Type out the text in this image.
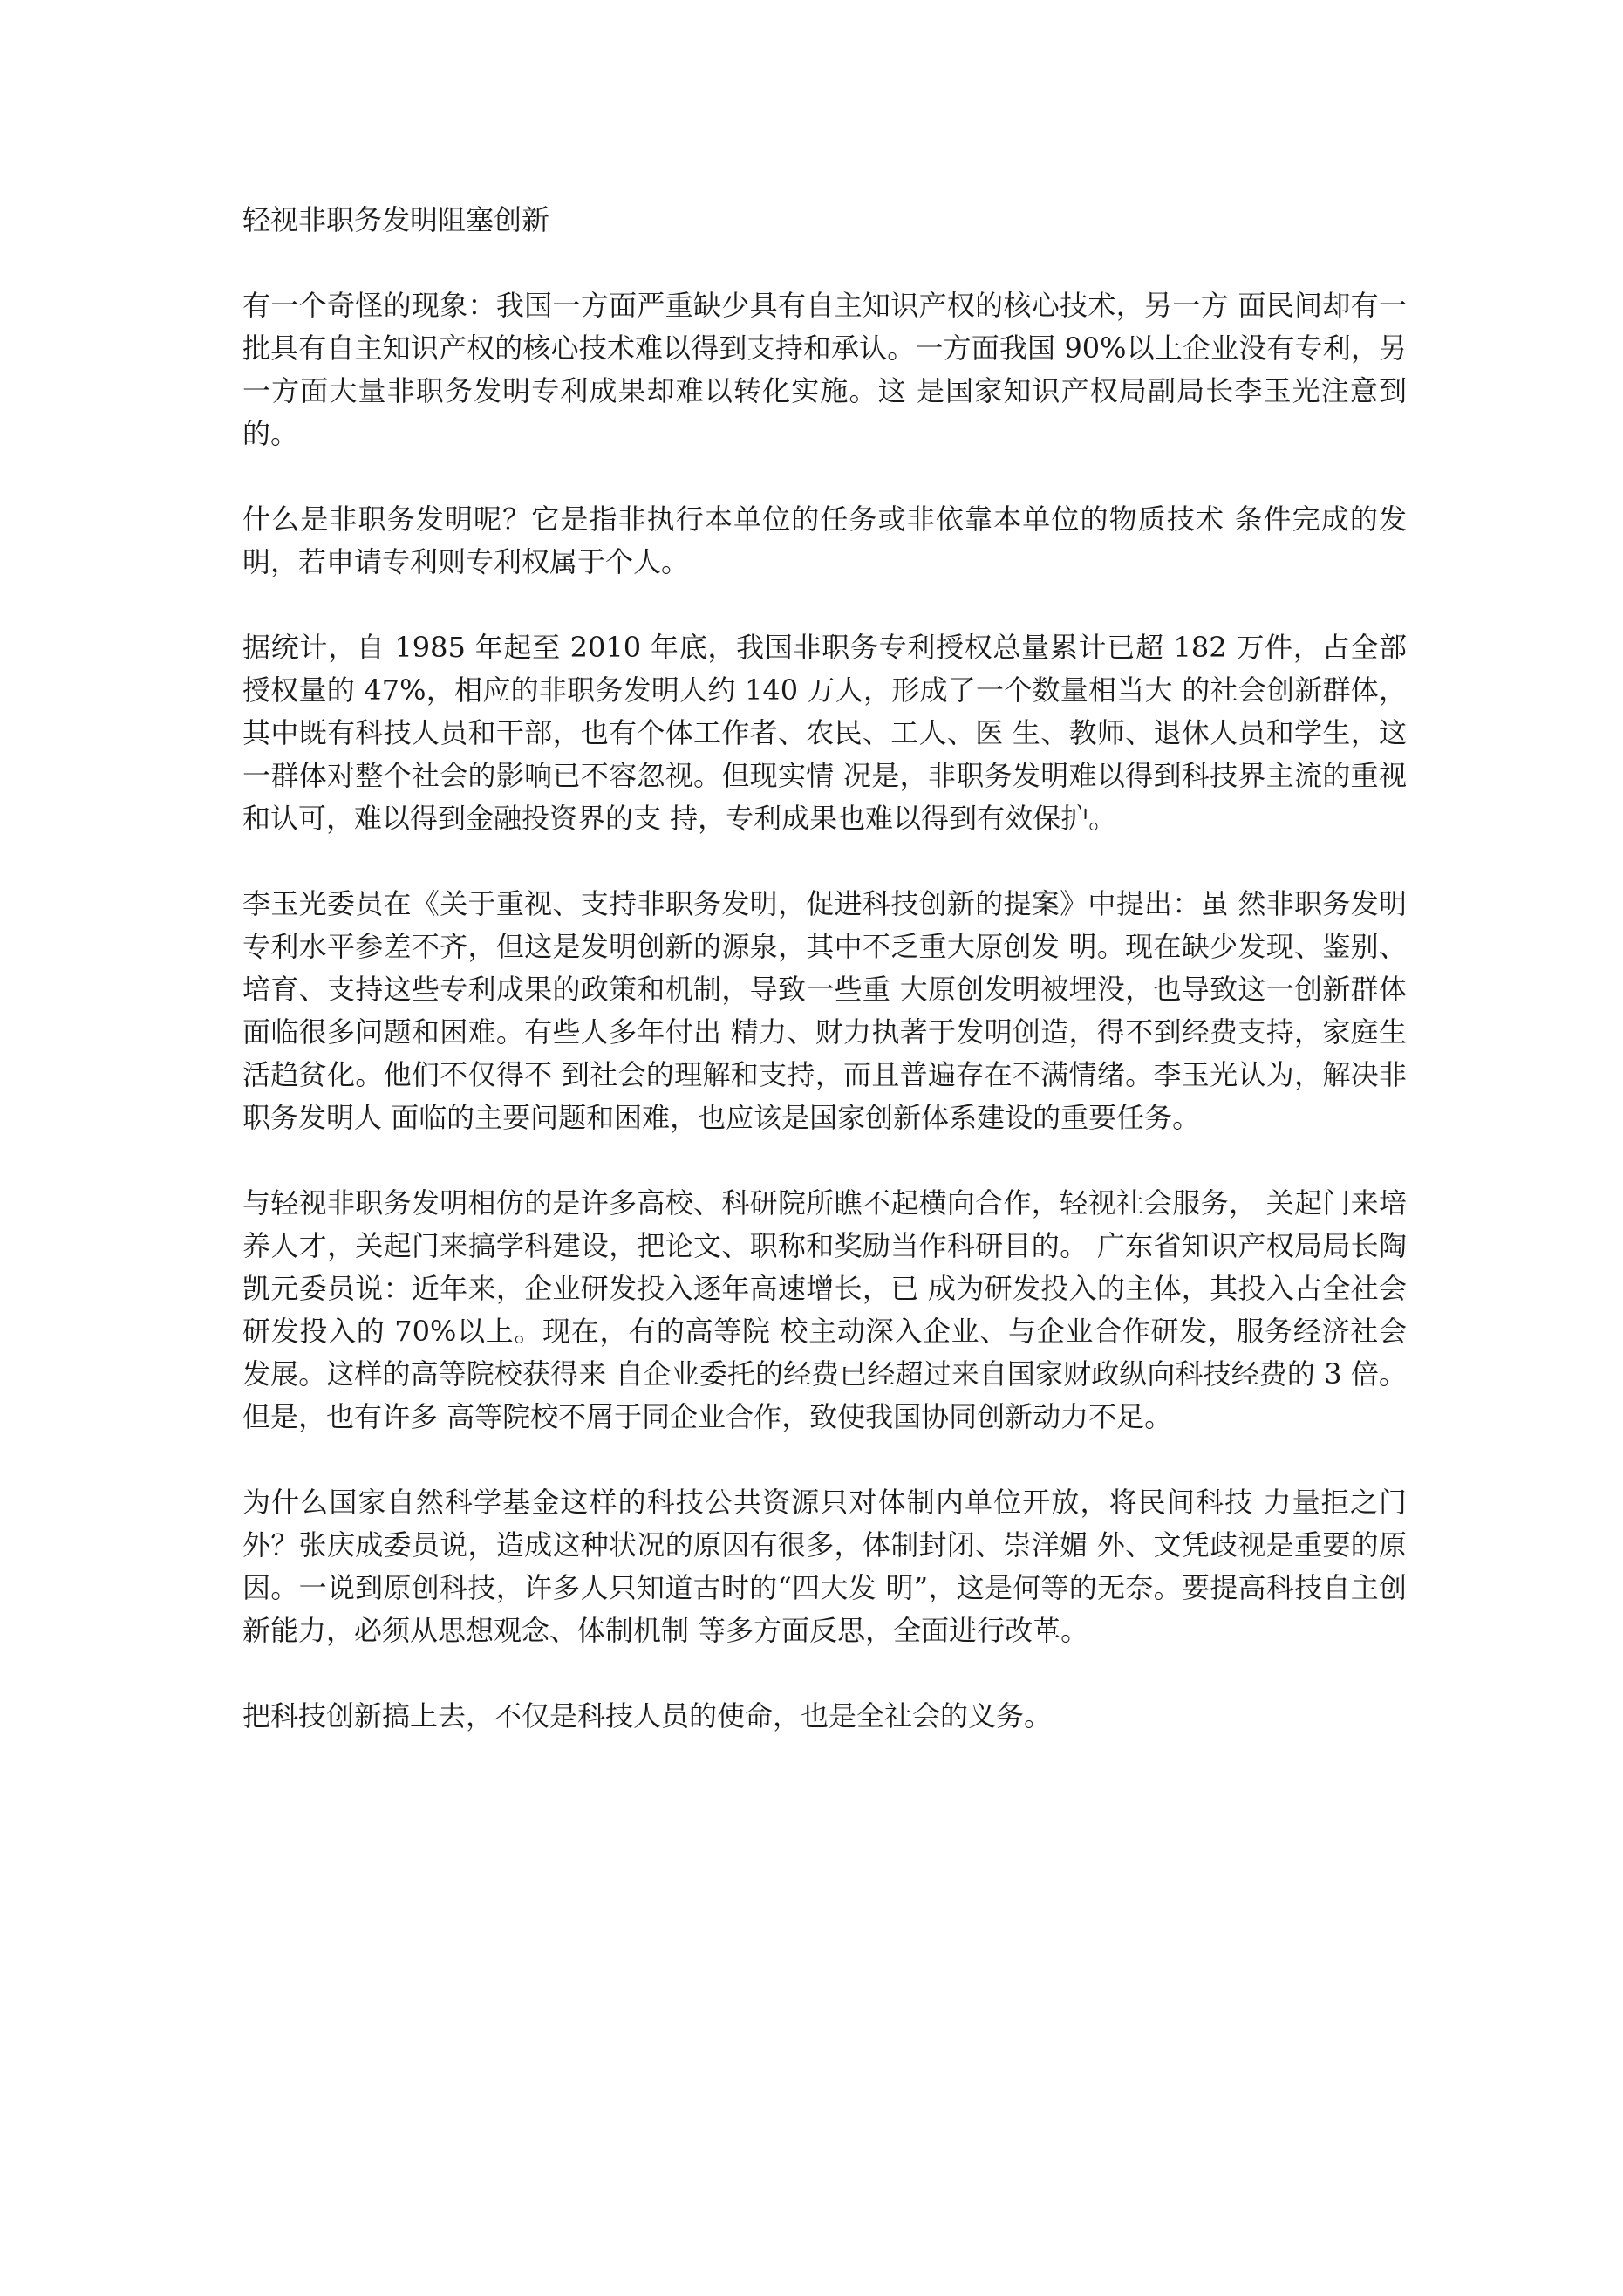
轻视非职务发明阻塞创新

有一个奇怪的现象：我国一方面严重缺少具有自主知识产权的核心技术，另一方 面民间却有一批具有自主知识产权的核心技术难以得到支持和承认。一方面我国 90%以上企业没有专利，另一方面大量非职务发明专利成果却难以转化实施。这 是国家知识产权局副局长李玉光注意到的。

什么是非职务发明呢？它是指非执行本单位的任务或非依靠本单位的物质技术 条件完成的发明，若申请专利则专利权属于个人。

据统计，自 1985 年起至 2010 年底，我国非职务专利授权总量累计已超 182 万件，占全部授权量的 47%，相应的非职务发明人约 140 万人，形成了一个数量相当大 的社会创新群体，其中既有科技人员和干部，也有个体工作者、农民、工人、医 生、教师、退休人员和学生，这一群体对整个社会的影响已不容忽视。但现实情 况是，非职务发明难以得到科技界主流的重视和认可，难以得到金融投资界的支 持，专利成果也难以得到有效保护。

李玉光委员在《关于重视、支持非职务发明，促进科技创新的提案》中提出：虽 然非职务发明专利水平参差不齐，但这是发明创新的源泉，其中不乏重大原创发 明。现在缺少发现、鉴别、培育、支持这些专利成果的政策和机制，导致一些重 大原创发明被埋没，也导致这一创新群体面临很多问题和困难。有些人多年付出 精力、财力执著于发明创造，得不到经费支持，家庭生活趋贫化。他们不仅得不 到社会的理解和支持，而且普遍存在不满情绪。李玉光认为，解决非职务发明人 面临的主要问题和困难，也应该是国家创新体系建设的重要任务。

与轻视非职务发明相仿的是许多高校、科研院所瞧不起横向合作，轻视社会服务， 关起门来培养人才，关起门来搞学科建设，把论文、职称和奖励当作科研目的。 广东省知识产权局局长陶凯元委员说：近年来，企业研发投入逐年高速增长，已 成为研发投入的主体，其投入占全社会研发投入的 70%以上。现在，有的高等院 校主动深入企业、与企业合作研发，服务经济社会发展。这样的高等院校获得来 自企业委托的经费已经超过来自国家财政纵向科技经费的 3 倍。但是，也有许多 高等院校不屑于同企业合作，致使我国协同创新动力不足。

为什么国家自然科学基金这样的科技公共资源只对体制内单位开放，将民间科技 力量拒之门外？张庆成委员说，造成这种状况的原因有很多，体制封闭、崇洋媚 外、文凭歧视是重要的原因。一说到原创科技，许多人只知道古时的“四大发 明”，这是何等的无奈。要提高科技自主创新能力，必须从思想观念、体制机制 等多方面反思，全面进行改革。

把科技创新搞上去，不仅是科技人员的使命，也是全社会的义务。
